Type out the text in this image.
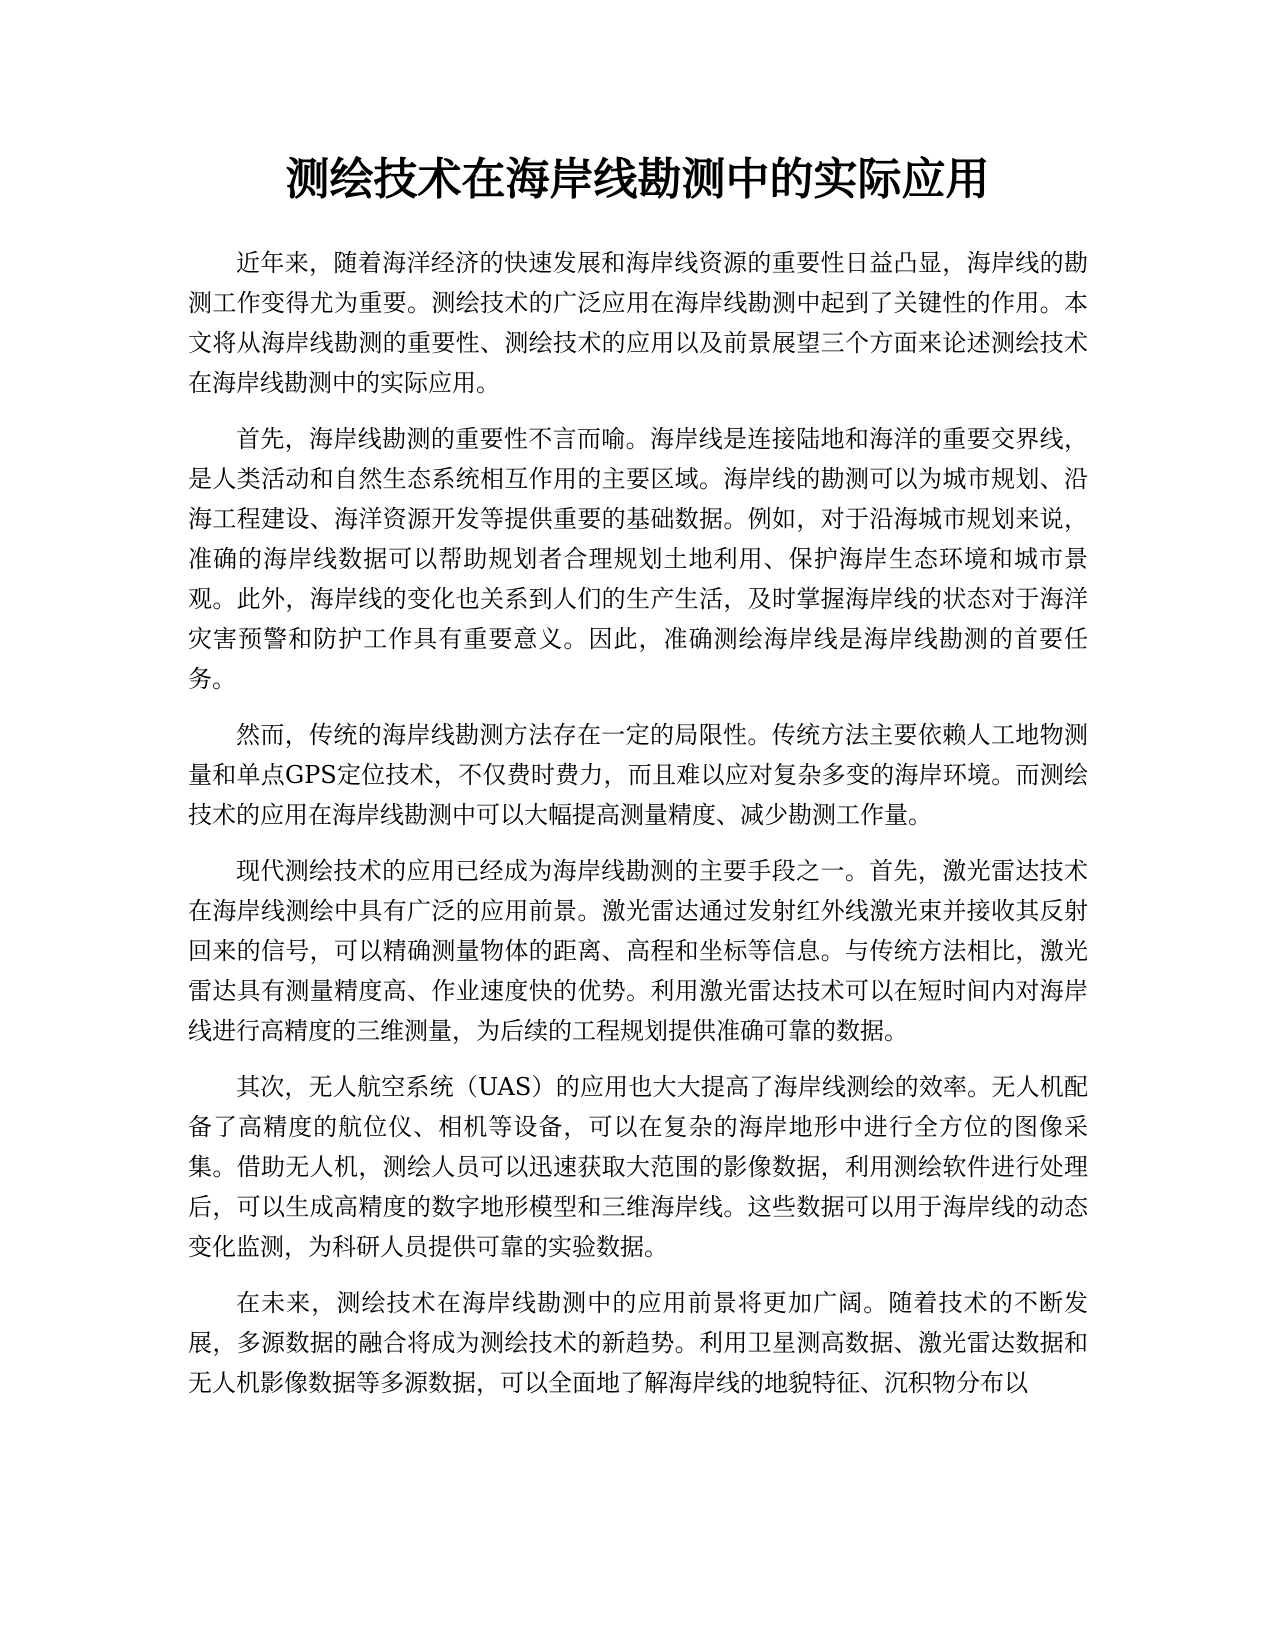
测绘技术在海岸线勘测中的实际应用

近年来，随着海洋经济的快速发展和海岸线资源的重要性日益凸显，海岸线的勘测工作变得尤为重要。测绘技术的广泛应用在海岸线勘测中起到了关键性的作用。本文将从海岸线勘测的重要性、测绘技术的应用以及前景展望三个方面来论述测绘技术在海岸线勘测中的实际应用。

首先，海岸线勘测的重要性不言而喻。海岸线是连接陆地和海洋的重要交界线，是人类活动和自然生态系统相互作用的主要区域。海岸线的勘测可以为城市规划、沿海工程建设、海洋资源开发等提供重要的基础数据。例如，对于沿海城市规划来说，准确的海岸线数据可以帮助规划者合理规划土地利用、保护海岸生态环境和城市景观。此外，海岸线的变化也关系到人们的生产生活，及时掌握海岸线的状态对于海洋灾害预警和防护工作具有重要意义。因此，准确测绘海岸线是海岸线勘测的首要任务。

然而，传统的海岸线勘测方法存在一定的局限性。传统方法主要依赖人工地物测量和单点GPS定位技术，不仅费时费力，而且难以应对复杂多变的海岸环境。而测绘技术的应用在海岸线勘测中可以大幅提高测量精度、减少勘测工作量。

现代测绘技术的应用已经成为海岸线勘测的主要手段之一。首先，激光雷达技术在海岸线测绘中具有广泛的应用前景。激光雷达通过发射红外线激光束并接收其反射回来的信号，可以精确测量物体的距离、高程和坐标等信息。与传统方法相比，激光雷达具有测量精度高、作业速度快的优势。利用激光雷达技术可以在短时间内对海岸线进行高精度的三维测量，为后续的工程规划提供准确可靠的数据。

其次，无人航空系统（UAS）的应用也大大提高了海岸线测绘的效率。无人机配备了高精度的航位仪、相机等设备，可以在复杂的海岸地形中进行全方位的图像采集。借助无人机，测绘人员可以迅速获取大范围的影像数据，利用测绘软件进行处理后，可以生成高精度的数字地形模型和三维海岸线。这些数据可以用于海岸线的动态变化监测，为科研人员提供可靠的实验数据。

在未来，测绘技术在海岸线勘测中的应用前景将更加广阔。随着技术的不断发展，多源数据的融合将成为测绘技术的新趋势。利用卫星测高数据、激光雷达数据和无人机影像数据等多源数据，可以全面地了解海岸线的地貌特征、沉积物分布以
